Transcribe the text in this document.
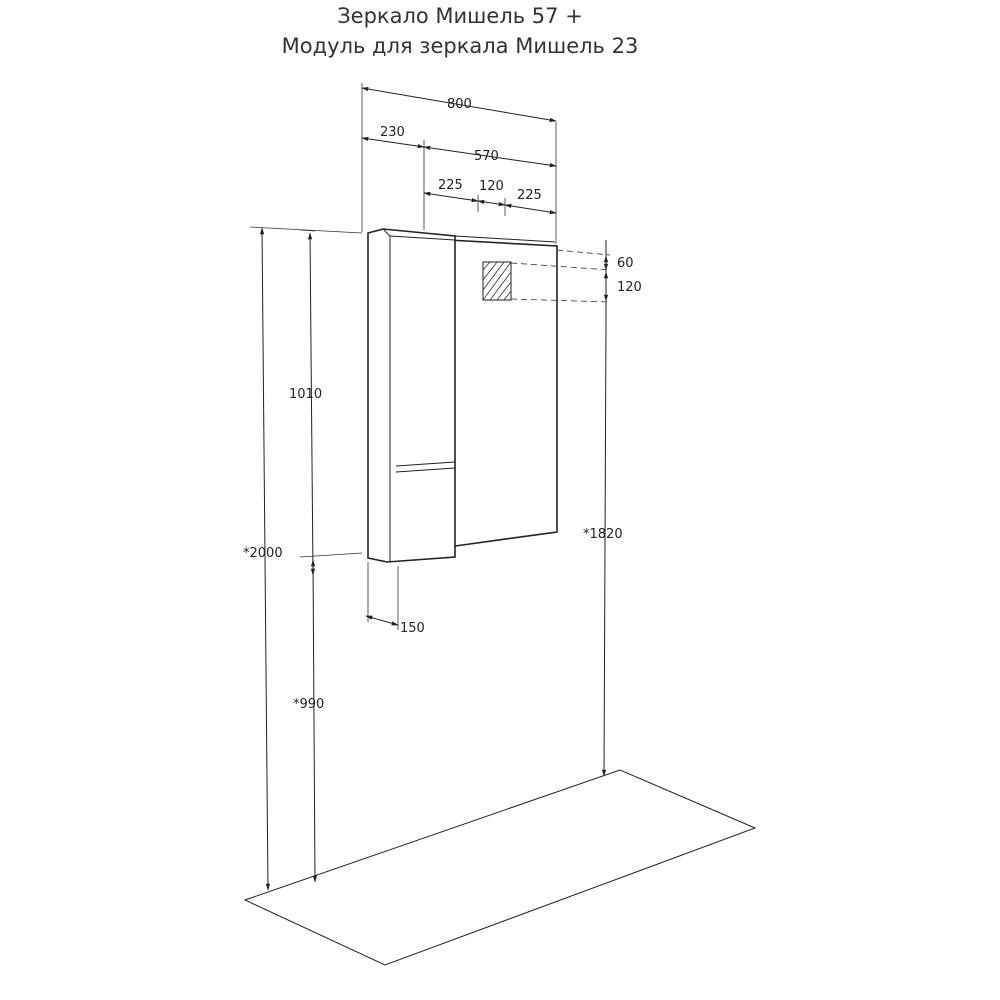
Зеркало Мишель 57 +
Модуль для зеркала Мишель 23
800
230
570
225 120
225
60
120
*1820
1010
*2000
*990
150
